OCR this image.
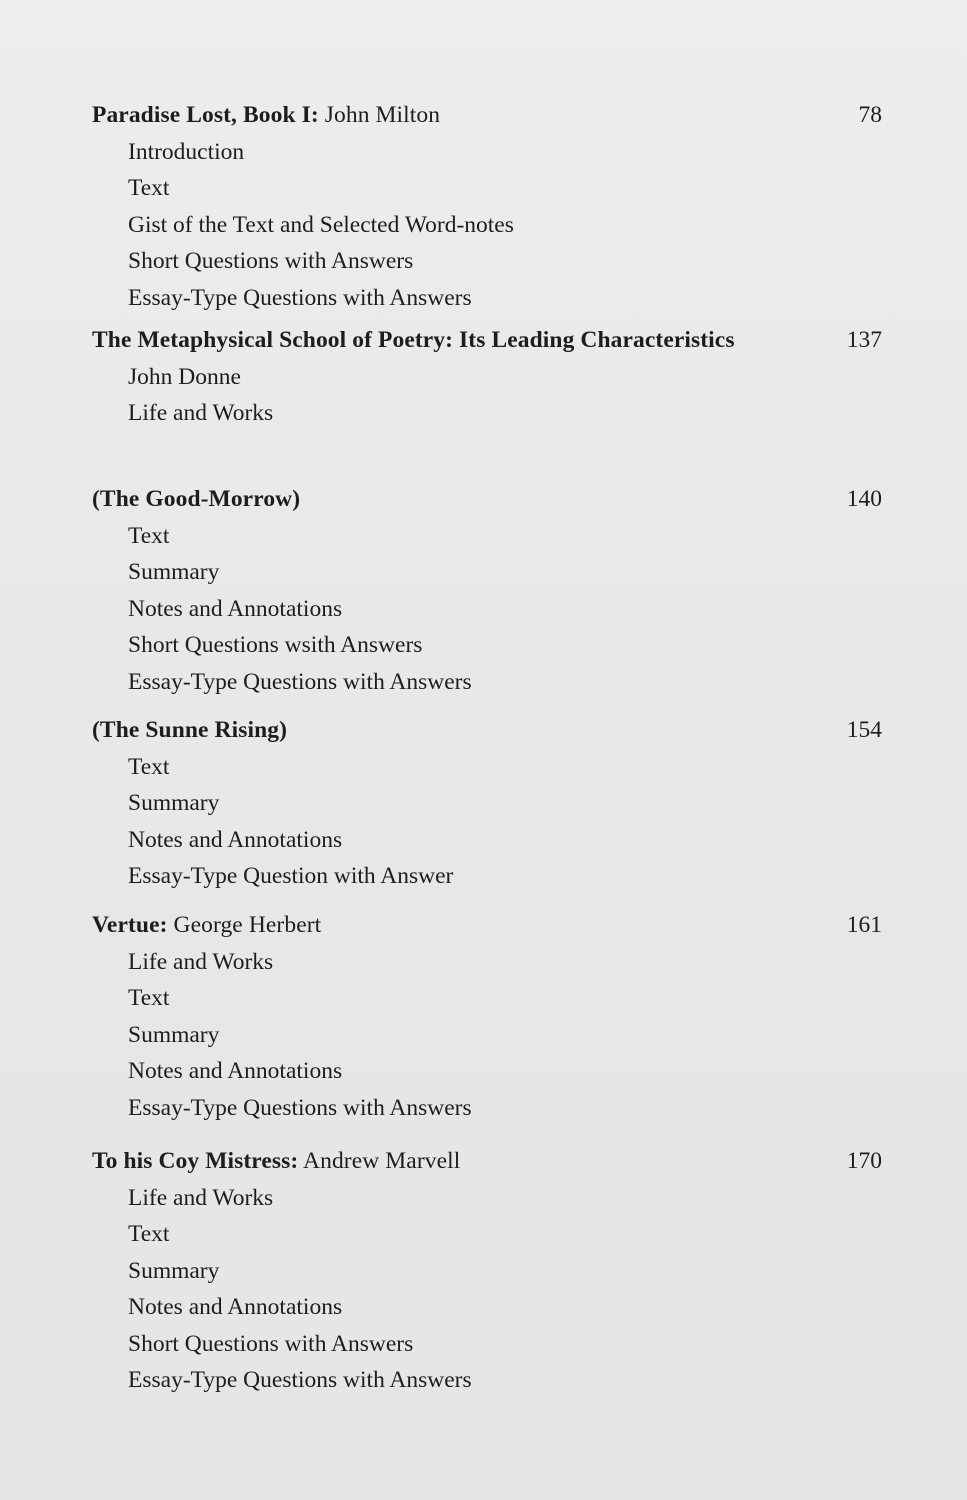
Paradise Lost, Book I: John Milton	78
Introduction
Text
Gist of the Text and Selected Word-notes
Short Questions with Answers
Essay-Type Questions with Answers
The Metaphysical School of Poetry: Its Leading Characteristics	137
John Donne
Life and Works
(The Good-Morrow)	140
Text
Summary
Notes and Annotations
Short Questions wsith Answers
Essay-Type Questions with Answers
(The Sunne Rising)	154
Text
Summary
Notes and Annotations
Essay-Type Question with Answer
Vertue: George Herbert	161
Life and Works
Text
Summary
Notes and Annotations
Essay-Type Questions with Answers
To his Coy Mistress: Andrew Marvell	170
Life and Works
Text
Summary
Notes and Annotations
Short Questions with Answers
Essay-Type Questions with Answers
